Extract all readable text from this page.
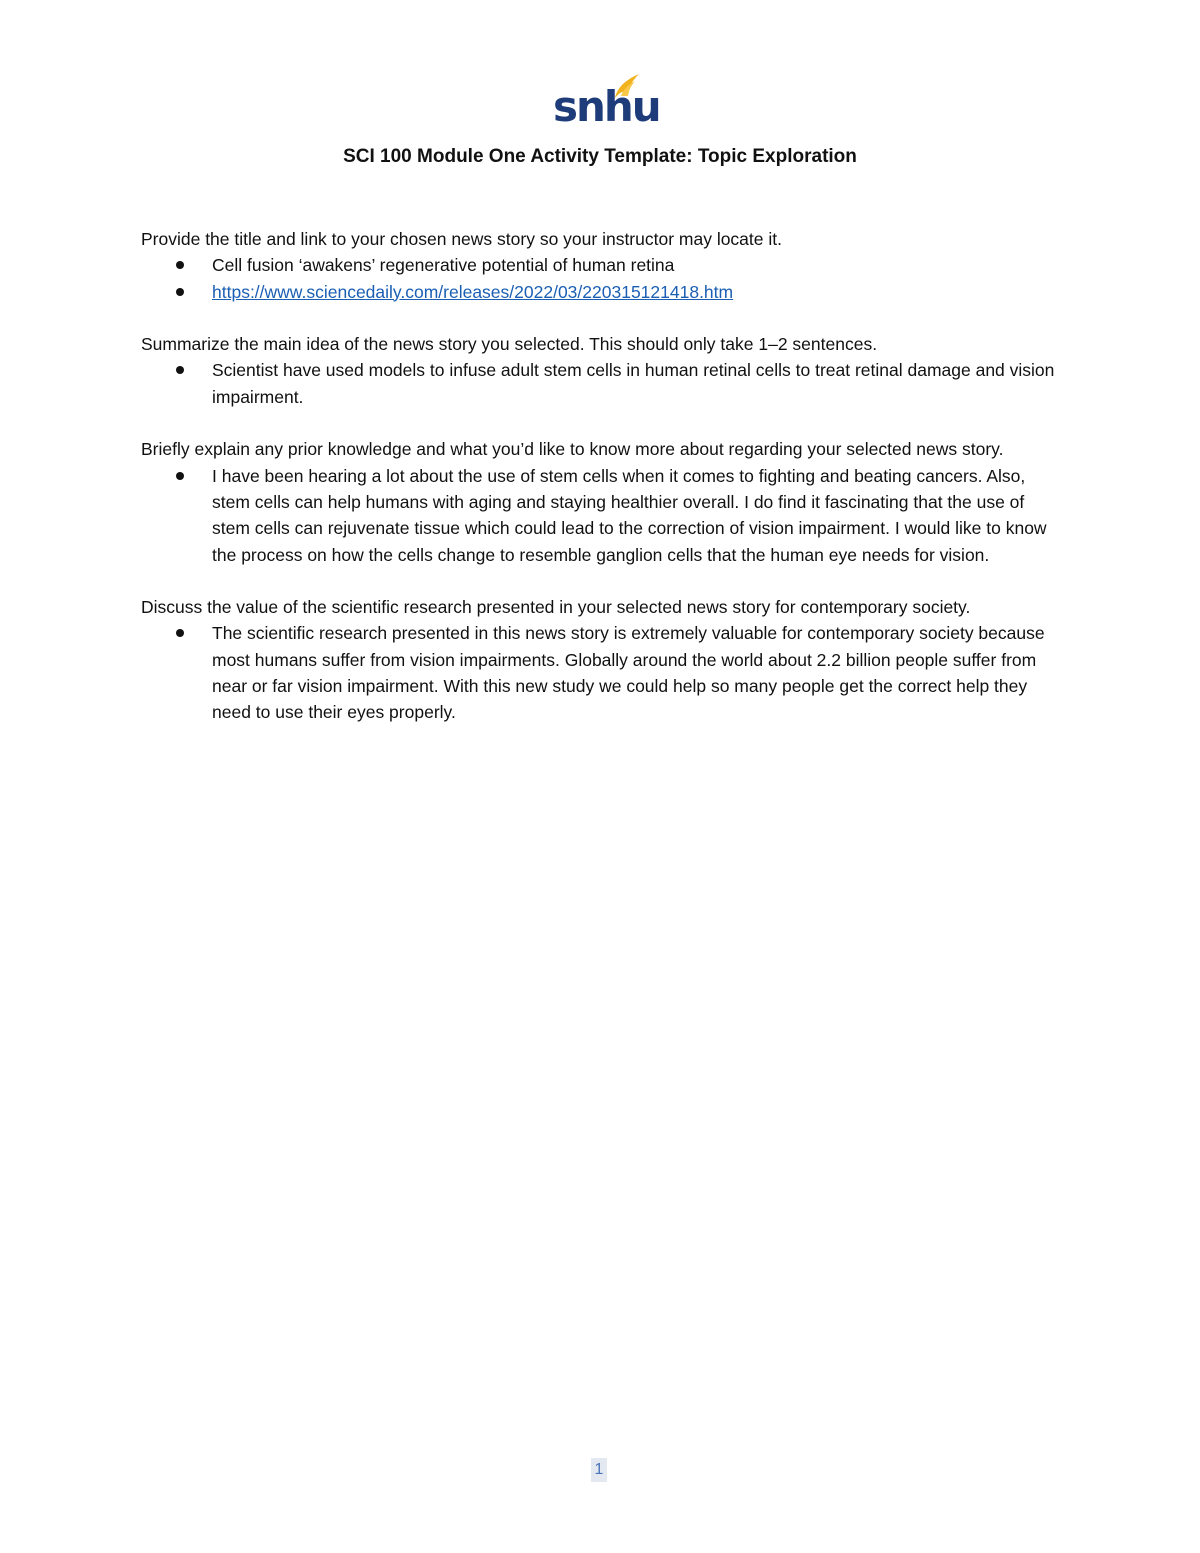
snhu
SCI 100 Module One Activity Template: Topic Exploration

Provide the title and link to your chosen news story so your instructor may locate it.

Cell fusion ‘awakens’ regenerative potential of human retina
https://www.sciencedaily.com/releases/2022/03/220315121418.htm

Summarize the main idea of the news story you selected. This should only take 1–2 sentences.

Scientist have used models to infuse adult stem cells in human retinal cells to treat retinal damage and vision impairment.

Briefly explain any prior knowledge and what you’d like to know more about regarding your selected news story.

I have been hearing a lot about the use of stem cells when it comes to fighting and beating cancers. Also, stem cells can help humans with aging and staying healthier overall. I do find it fascinating that the use of stem cells can rejuvenate tissue which could lead to the correction of vision impairment. I would like to know the process on how the cells change to resemble ganglion cells that the human eye needs for vision.

Discuss the value of the scientific research presented in your selected news story for contemporary society.

The scientific research presented in this news story is extremely valuable for contemporary society because most humans suffer from vision impairments. Globally around the world about 2.2 billion people suffer from near or far vision impairment. With this new study we could help so many people get the correct help they need to use their eyes properly.
1
